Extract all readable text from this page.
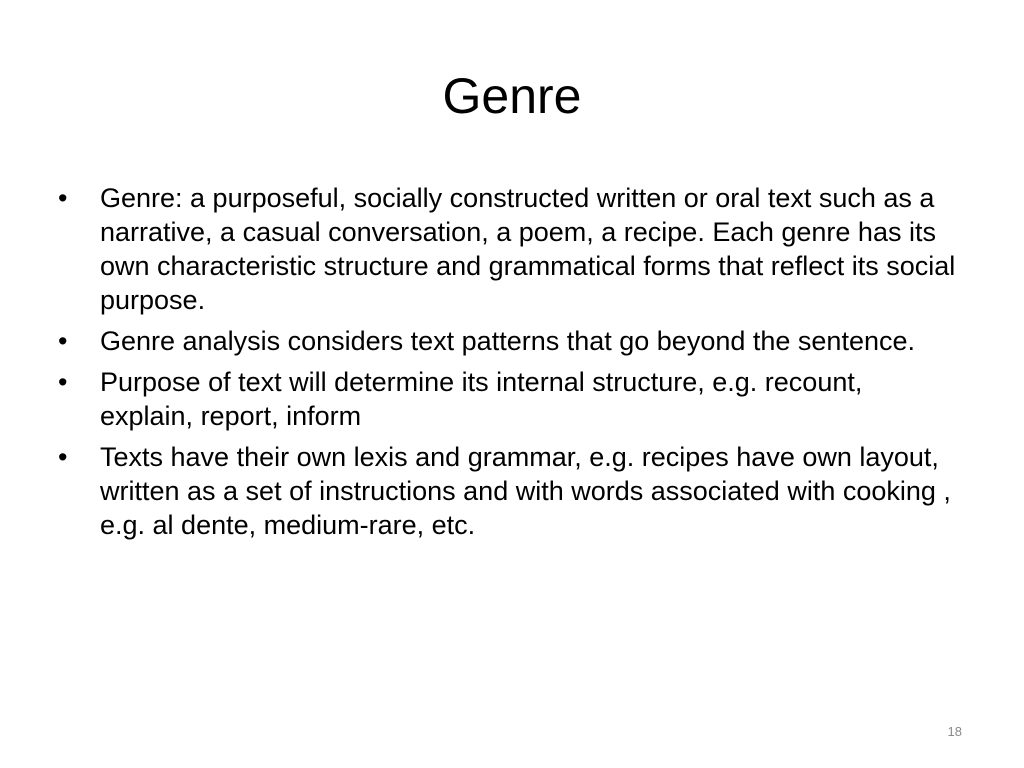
Genre
•	Genre: a purposeful, socially constructed written or oral text such as a narrative, a casual conversation, a poem, a recipe. Each genre has its own characteristic structure and grammatical forms that reflect its social purpose.
•	Genre analysis considers text patterns that go beyond the sentence.
•	Purpose of text will determine its internal structure, e.g. recount, explain, report, inform
•	Texts have their own lexis and grammar, e.g. recipes have own layout, written as a set of instructions and with words associated with cooking , e.g. al dente, medium-rare, etc.
18
